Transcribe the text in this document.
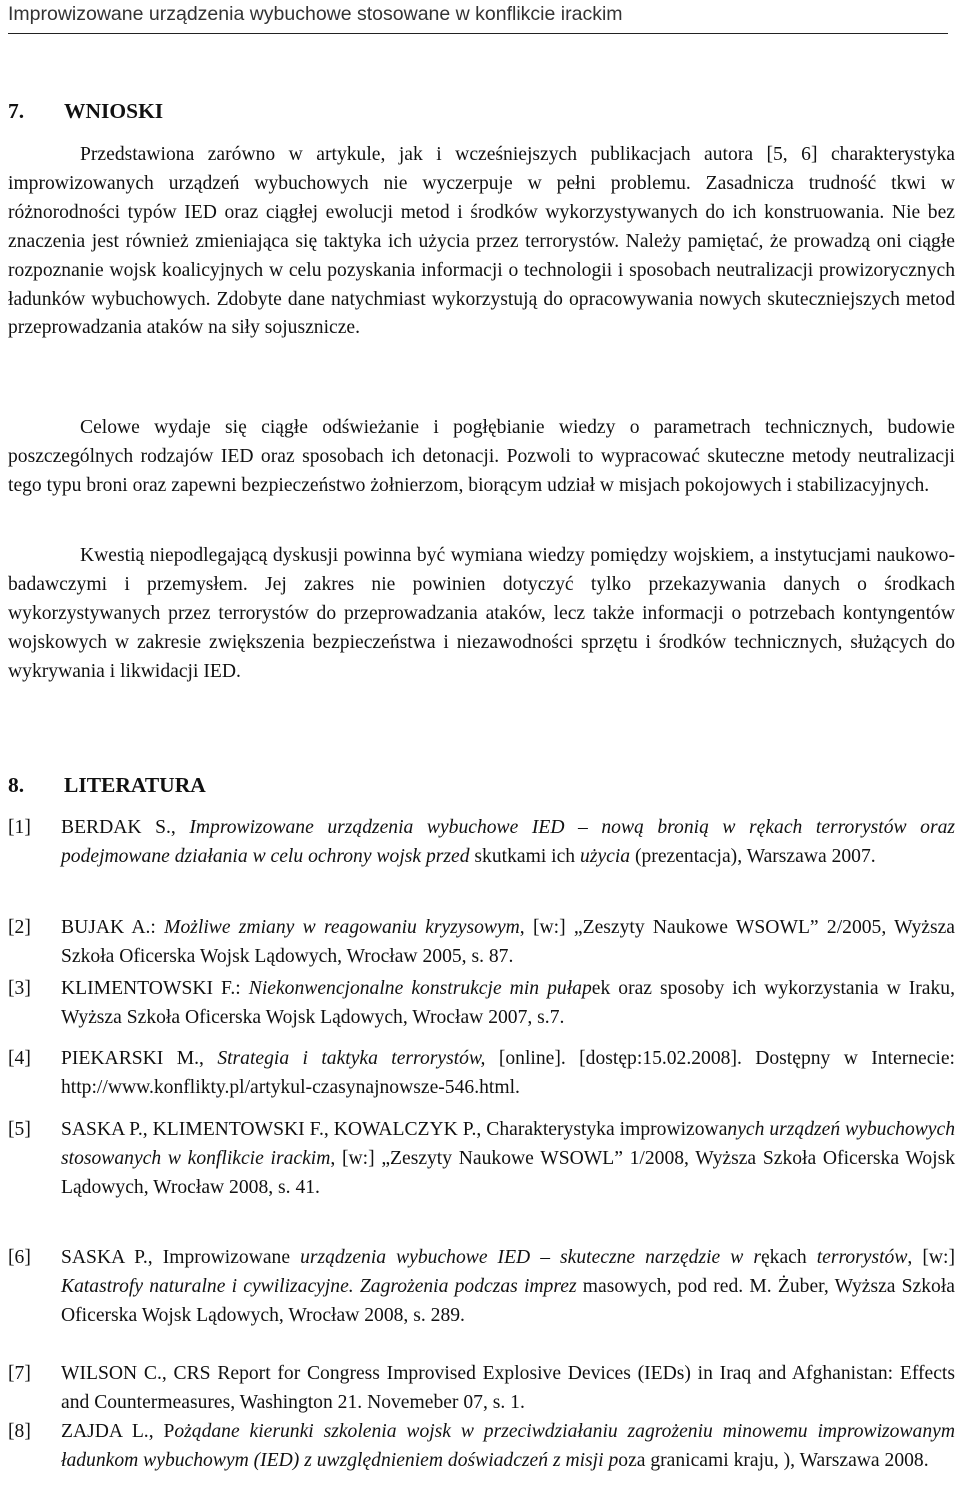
Improwizowane urządzenia wybuchowe stosowane w konflikcie irackim
7. WNIOSKI

Przedstawiona zarówno w artykule, jak i wcześniejszych publikacjach autora [5, 6] charakterystyka improwizowanych urządzeń wybuchowych nie wyczerpuje w pełni problemu. Zasadnicza trudność tkwi w różnorodności typów IED oraz ciągłej ewolucji metod i środków wykorzystywanych do ich konstruowania. Nie bez znaczenia jest również zmieniająca się taktyka ich użycia przez terrorystów. Należy pamiętać, że prowadzą oni ciągłe rozpoznanie wojsk koalicyjnych w celu pozyskania informacji o technologii i sposobach neutralizacji prowizorycznych ładunków wybuchowych. Zdobyte dane natychmiast wykorzystują do opracowywania nowych skuteczniejszych metod przeprowadzania ataków na siły sojusznicze.

Celowe wydaje się ciągłe odświeżanie i pogłębianie wiedzy o parametrach technicznych, budowie poszczególnych rodzajów IED oraz sposobach ich detonacji. Pozwoli to wypracować skuteczne metody neutralizacji tego typu broni oraz zapewni bezpieczeństwo żołnierzom, biorącym udział w misjach pokojowych i stabilizacyjnych.

Kwestią niepodlegającą dyskusji powinna być wymiana wiedzy pomiędzy wojskiem, a instytucjami naukowo-badawczymi i przemysłem. Jej zakres nie powinien dotyczyć tylko przekazywania danych o środkach wykorzystywanych przez terrorystów do przeprowadzania ataków, lecz także informacji o potrzebach kontyngentów wojskowych w zakresie zwiększenia bezpieczeństwa i niezawodności sprzętu i środków technicznych, służących do wykrywania i likwidacji IED.

8. LITERATURA
[1]	BERDAK S., Improwizowane urządzenia wybuchowe IED – nową bronią w rękach terrorystów oraz podejmowane działania w celu ochrony wojsk przed skutkami ich użycia (prezentacja), Warszawa 2007.
[2]	BUJAK A.: Możliwe zmiany w reagowaniu kryzysowym, [w:] „Zeszyty Naukowe WSOWL” 2/2005, Wyższa Szkoła Oficerska Wojsk Lądowych, Wrocław 2005, s. 87.
[3]	KLIMENTOWSKI F.: Niekonwencjonalne konstrukcje min pułapek oraz sposoby ich wykorzystania w Iraku, Wyższa Szkoła Oficerska Wojsk Lądowych, Wrocław 2007, s.7.
[4]	PIEKARSKI M., Strategia i taktyka terrorystów, [online]. [dostęp:15.02.2008]. Dostępny w Internecie: http://www.konflikty.pl/artykul-czasynajnowsze-546.html.
[5]	SASKA P., KLIMENTOWSKI F., KOWALCZYK P., Charakterystyka improwizowanych urządzeń wybuchowych stosowanych w konflikcie irackim, [w:] „Zeszyty Naukowe WSOWL” 1/2008, Wyższa Szkoła Oficerska Wojsk Lądowych, Wrocław 2008, s. 41.
[6]	SASKA P., Improwizowane urządzenia wybuchowe IED – skuteczne narzędzie w rękach terrorystów, [w:] Katastrofy naturalne i cywilizacyjne. Zagrożenia podczas imprez masowych, pod red. M. Żuber, Wyższa Szkoła Oficerska Wojsk Lądowych, Wrocław 2008, s. 289.
[7]	WILSON C., CRS Report for Congress Improvised Explosive Devices (IEDs) in Iraq and Afghanistan: Effects and Countermeasures, Washington 21. Novemeber 07, s. 1.
[8]	ZAJDA L., Pożądane kierunki szkolenia wojsk w przeciwdziałaniu zagrożeniu minowemu improwizowanym ładunkom wybuchowym (IED) z uwzględnieniem doświadczeń z misji poza granicami kraju, ), Warszawa 2008.
